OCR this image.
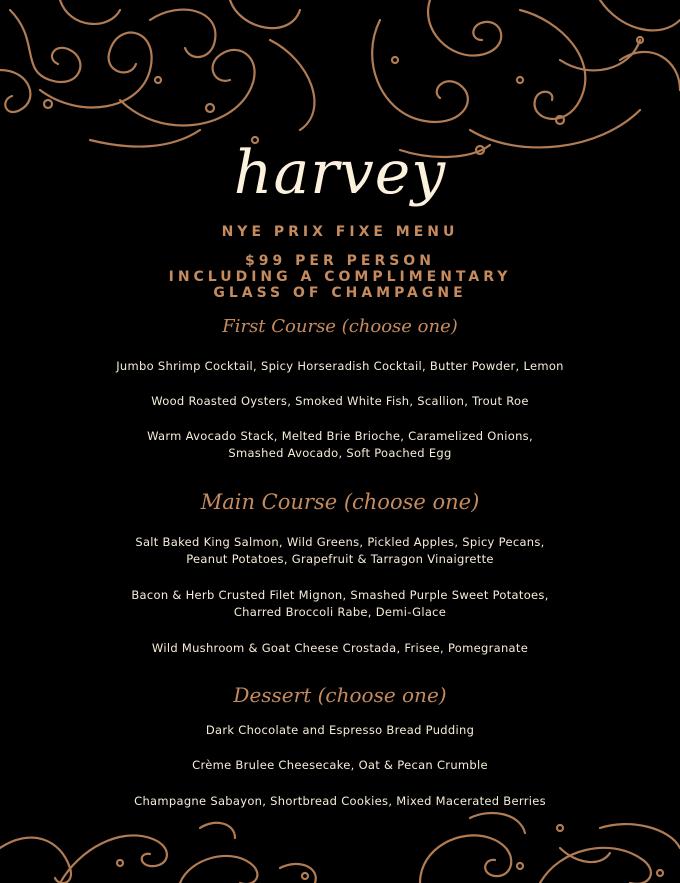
harvey
NYE PRIX FIXE MENU
$99 PER PERSON
INCLUDING A COMPLIMENTARY
GLASS OF CHAMPAGNE
First Course (choose one)
Jumbo Shrimp Cocktail, Spicy Horseradish Cocktail, Butter Powder, Lemon
Wood Roasted Oysters, Smoked White Fish, Scallion, Trout Roe
Warm Avocado Stack, Melted Brie Brioche, Caramelized Onions, Smashed Avocado, Soft Poached Egg
Main Course (choose one)
Salt Baked King Salmon, Wild Greens, Pickled Apples, Spicy Pecans, Peanut Potatoes, Grapefruit & Tarragon Vinaigrette
Bacon & Herb Crusted Filet Mignon, Smashed Purple Sweet Potatoes, Charred Broccoli Rabe, Demi-Glace
Wild Mushroom & Goat Cheese Crostada, Frisee, Pomegranate
Dessert (choose one)
Dark Chocolate and Espresso Bread Pudding
Crème Brulee Cheesecake, Oat & Pecan Crumble
Champagne Sabayon, Shortbread Cookies, Mixed Macerated Berries
